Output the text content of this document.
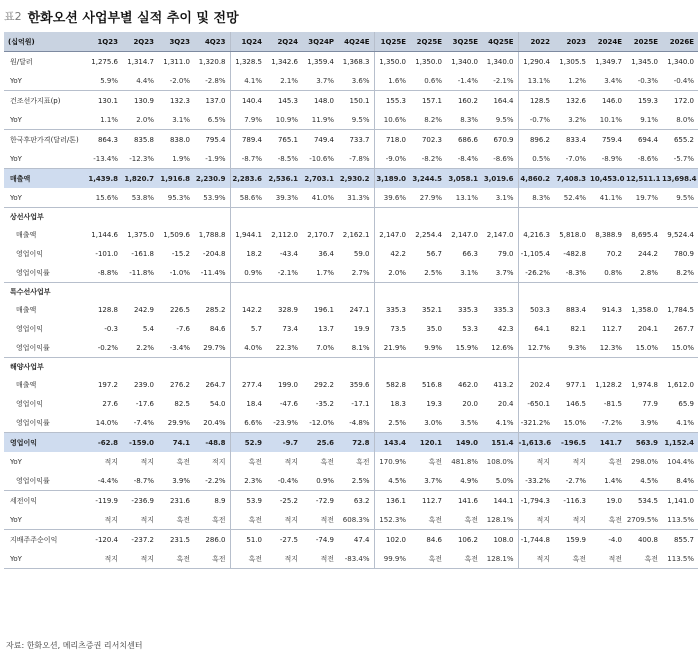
표2 한화오션 사업부별 실적 추이 및 전망
(십억원)	1Q23	2Q23	3Q23	4Q23	1Q24	2Q24	3Q24P	4Q24E	1Q25E	2Q25E	3Q25E	4Q25E	2022	2023	2024E	2025E	2026E
원/달러	1,275.6	1,314.7	1,311.0	1,320.8	1,328.5	1,342.6	1,359.4	1,368.3	1,350.0	1,350.0	1,340.0	1,340.0	1,290.4	1,305.5	1,349.7	1,345.0	1,340.0
YoY	5.9%	4.4%	-2.0%	-2.8%	4.1%	2.1%	3.7%	3.6%	1.6%	0.6%	-1.4%	-2.1%	13.1%	1.2%	3.4%	-0.3%	-0.4%
건조선가지표(p)	130.1	130.9	132.3	137.0	140.4	145.3	148.0	150.1	155.3	157.1	160.2	164.4	128.5	132.6	146.0	159.3	172.0
YoY	1.1%	2.0%	3.1%	6.5%	7.9%	10.9%	11.9%	9.5%	10.6%	8.2%	8.3%	9.5%	-0.7%	3.2%	10.1%	9.1%	8.0%
한국후판가격(달러/톤)	864.3	835.8	838.0	795.4	789.4	765.1	749.4	733.7	718.0	702.3	686.6	670.9	896.2	833.4	759.4	694.4	655.2
YoY	-13.4%	-12.3%	1.9%	-1.9%	-8.7%	-8.5%	-10.6%	-7.8%	-9.0%	-8.2%	-8.4%	-8.6%	0.5%	-7.0%	-8.9%	-8.6%	-5.7%
매출액	1,439.8	1,820.7	1,916.8	2,230.9	2,283.6	2,536.1	2,703.1	2,930.2	3,189.0	3,244.5	3,058.1	3,019.6	4,860.2	7,408.3	10,453.0	12,511.1	13,698.4
YoY	15.6%	53.8%	95.3%	53.9%	58.6%	39.3%	41.0%	31.3%	39.6%	27.9%	13.1%	3.1%	8.3%	52.4%	41.1%	19.7%	9.5%
상선사업부																	
매출액	1,144.6	1,375.0	1,509.6	1,788.8	1,944.1	2,112.0	2,170.7	2,162.1	2,147.0	2,254.4	2,147.0	2,147.0	4,216.3	5,818.0	8,388.9	8,695.4	9,524.4
영업이익	-101.0	-161.8	-15.2	-204.8	18.2	-43.4	36.4	59.0	42.2	56.7	66.3	79.0	-1,105.4	-482.8	70.2	244.2	780.9
영업이익률	-8.8%	-11.8%	-1.0%	-11.4%	0.9%	-2.1%	1.7%	2.7%	2.0%	2.5%	3.1%	3.7%	-26.2%	-8.3%	0.8%	2.8%	8.2%
특수선사업부																	
매출액	128.8	242.9	226.5	285.2	142.2	328.9	196.1	247.1	335.3	352.1	335.3	335.3	503.3	883.4	914.3	1,358.0	1,784.5
영업이익	-0.3	5.4	-7.6	84.6	5.7	73.4	13.7	19.9	73.5	35.0	53.3	42.3	64.1	82.1	112.7	204.1	267.7
영업이익률	-0.2%	2.2%	-3.4%	29.7%	4.0%	22.3%	7.0%	8.1%	21.9%	9.9%	15.9%	12.6%	12.7%	9.3%	12.3%	15.0%	15.0%
해양사업부																	
매출액	197.2	239.0	276.2	264.7	277.4	199.0	292.2	359.6	582.8	516.8	462.0	413.2	202.4	977.1	1,128.2	1,974.8	1,612.0
영업이익	27.6	-17.6	82.5	54.0	18.4	-47.6	-35.2	-17.1	18.3	19.3	20.0	20.4	-650.1	146.5	-81.5	77.9	65.9
영업이익률	14.0%	-7.4%	29.9%	20.4%	6.6%	-23.9%	-12.0%	-4.8%	2.5%	3.0%	3.5%	4.1%	-321.2%	15.0%	-7.2%	3.9%	4.1%
영업이익	-62.8	-159.0	74.1	-48.8	52.9	-9.7	25.6	72.8	143.4	120.1	149.0	151.4	-1,613.6	-196.5	141.7	563.9	1,152.4
YoY	적지	적지	흑전	적지	흑전	적지	흑전	흑전	170.9%	흑전	481.8%	108.0%	적지	적지	흑전	298.0%	104.4%
영업이익률	-4.4%	-8.7%	3.9%	-2.2%	2.3%	-0.4%	0.9%	2.5%	4.5%	3.7%	4.9%	5.0%	-33.2%	-2.7%	1.4%	4.5%	8.4%
세전이익	-119.9	-236.9	231.6	8.9	53.9	-25.2	-72.9	63.2	136.1	112.7	141.6	144.1	-1,794.3	-116.3	19.0	534.5	1,141.0
YoY	적지	적지	흑전	흑전	흑전	적지	적전	608.3%	152.3%	흑전	흑전	128.1%	적지	적지	흑전	2709.5%	113.5%
지배주주순이익	-120.4	-237.2	231.5	286.0	51.0	-27.5	-74.9	47.4	102.0	84.6	106.2	108.0	-1,744.8	159.9	-4.0	400.8	855.7
YoY	적지	적지	흑전	흑전	흑전	적지	적전	-83.4%	99.9%	흑전	흑전	128.1%	적지	흑전	적전	흑전	113.5%
자료: 한화오션, 메리츠증권 리서치센터
